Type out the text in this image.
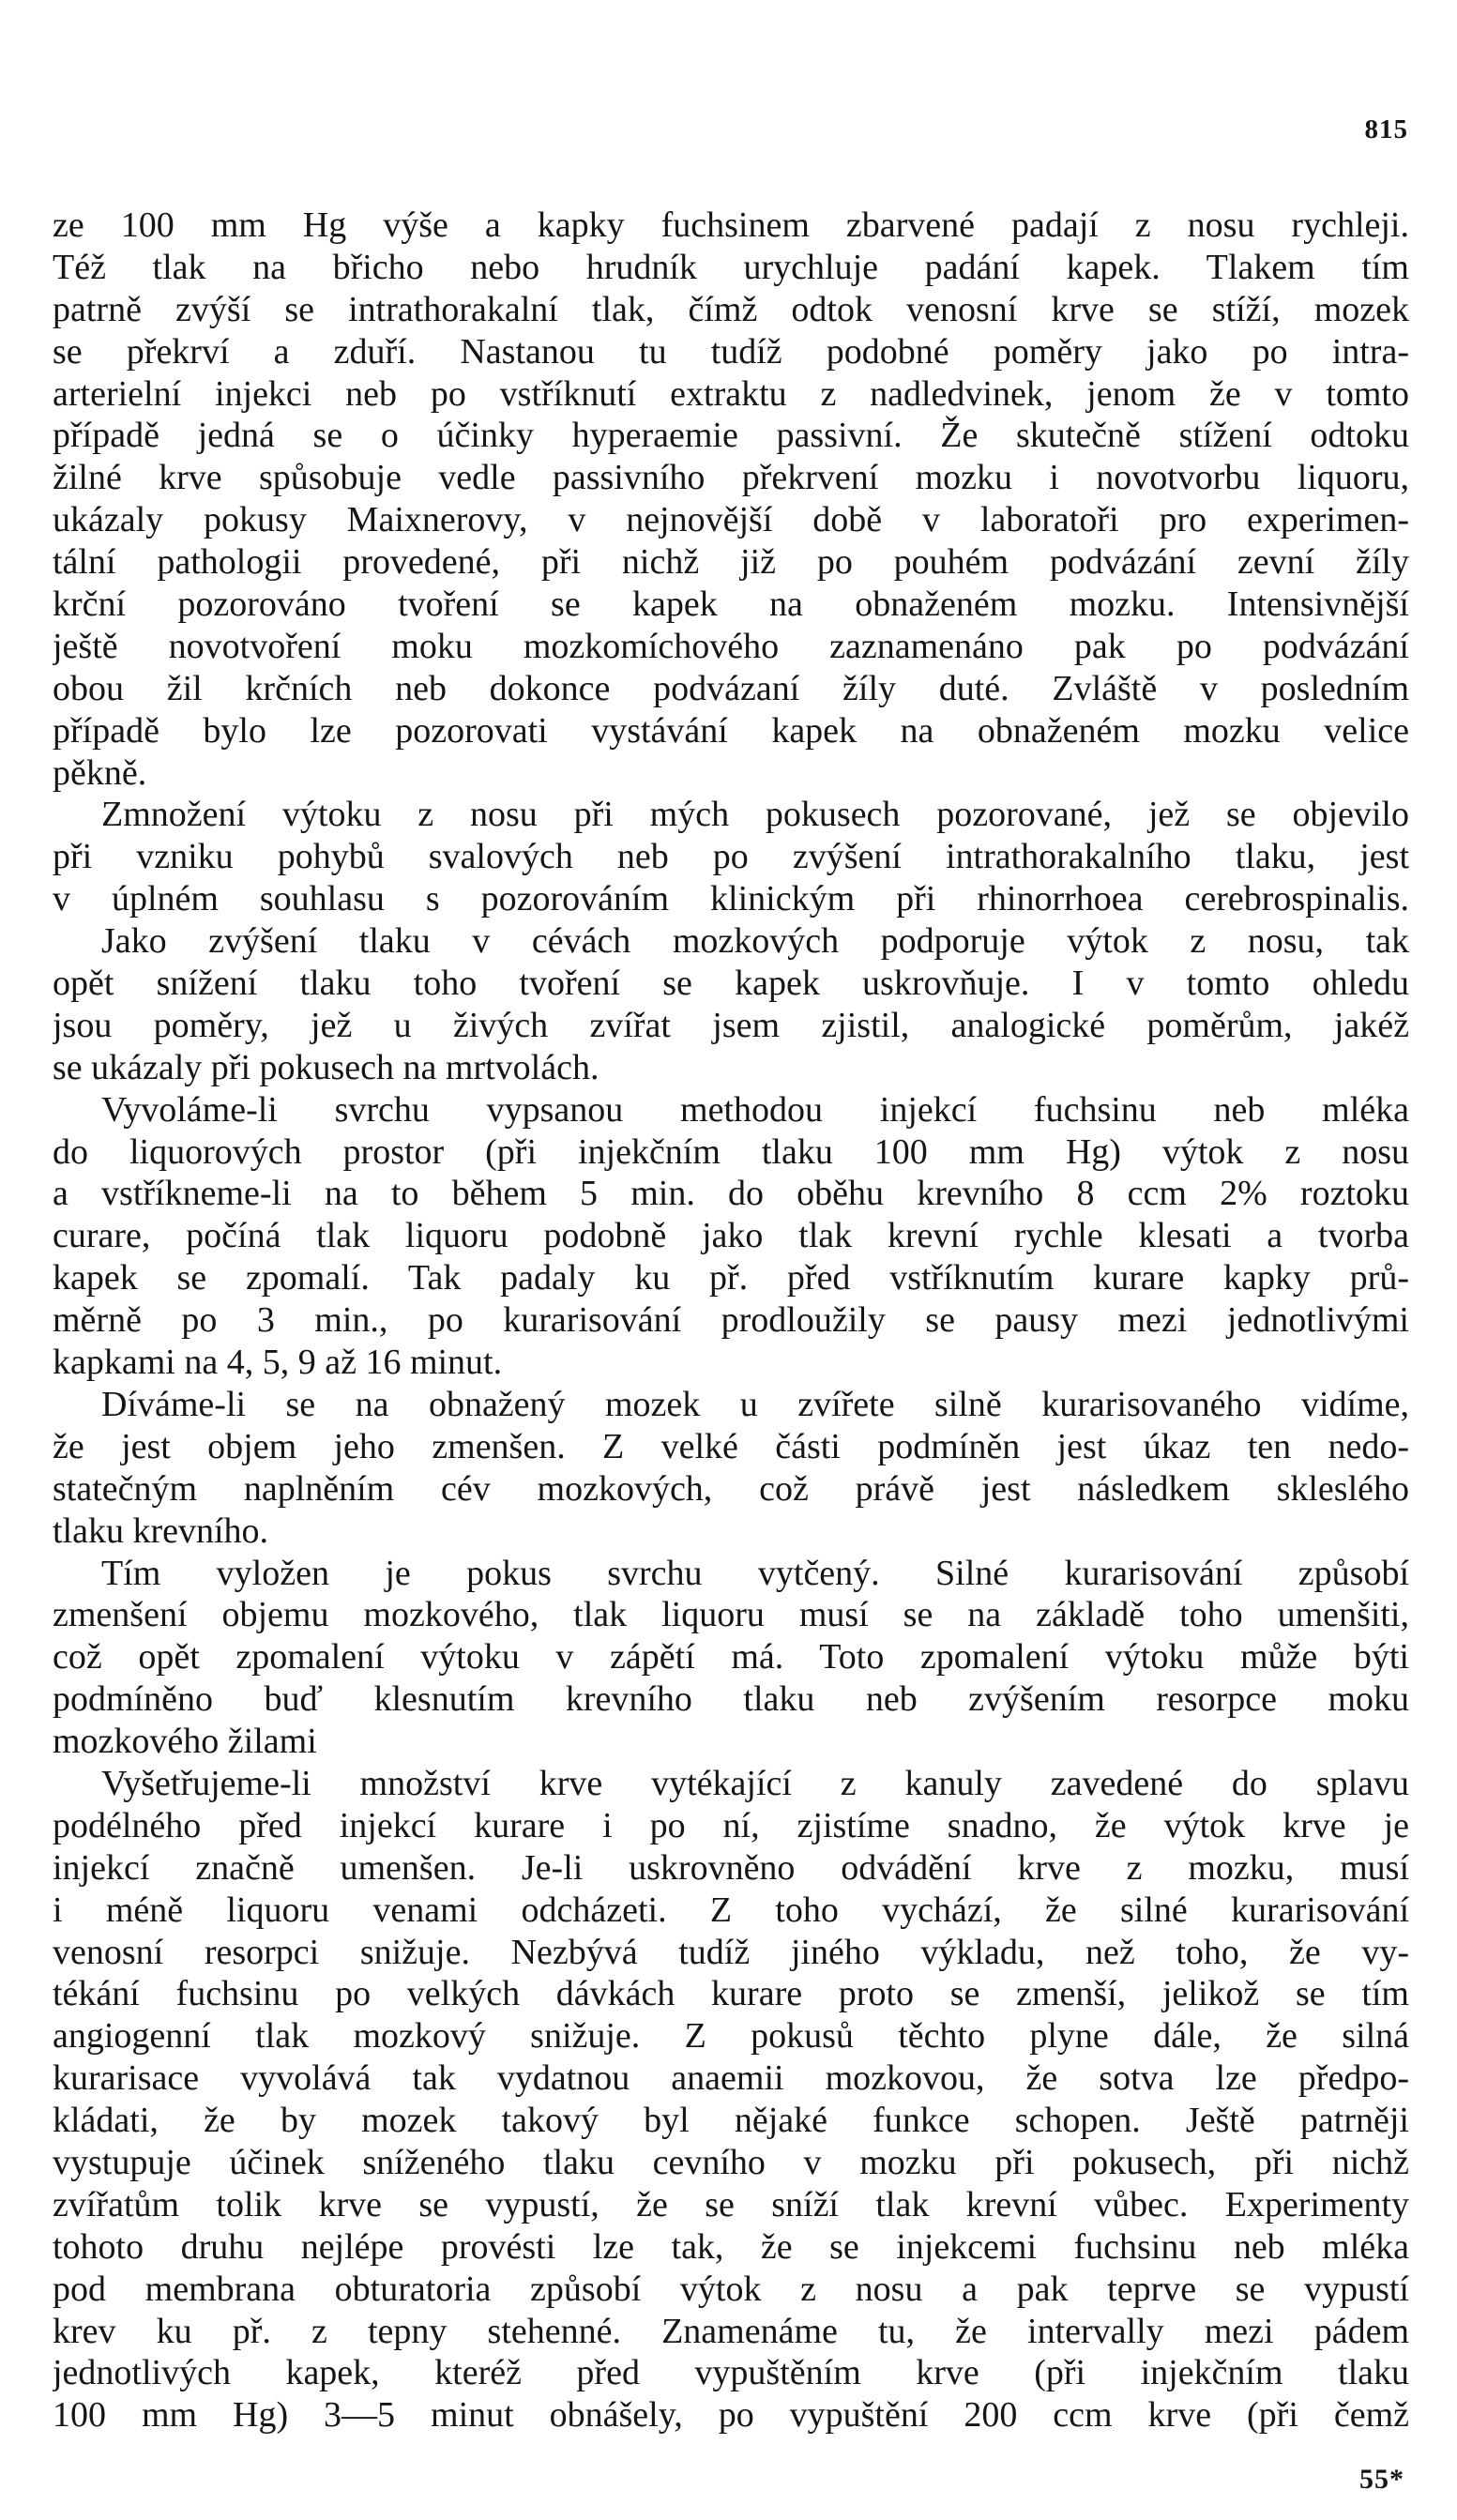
815
ze 100 mm Hg výše a kapky fuchsinem zbarvené padají z nosu rychleji.
Též tlak na břicho nebo hrudník urychluje padání kapek. Tlakem tím
patrně zvýší se intrathorakalní tlak, čímž odtok venosní krve se stíží, mozek
se překrví a zduří. Nastanou tu tudíž podobné poměry jako po intra-
arterielní injekci neb po vstříknutí extraktu z nadledvinek, jenom že v tomto
případě jedná se o účinky hyperaemie passivní. Že skutečně stížení odtoku
žilné krve spůsobuje vedle passivního překrvení mozku i novotvorbu liquoru,
ukázaly pokusy Maixnerovy, v nejnovější době v laboratoři pro experimen-
tální pathologii provedené, při nichž již po pouhém podvázání zevní žíly
krční pozorováno tvoření se kapek na obnaženém mozku. Intensivnější
ještě novotvoření moku mozkomíchového zaznamenáno pak po podvázání
obou žil krčních neb dokonce podvázaní žíly duté. Zvláště v posledním
případě bylo lze pozorovati vystávání kapek na obnaženém mozku velice
pěkně.
Zmnožení výtoku z nosu při mých pokusech pozorované, jež se objevilo
při vzniku pohybů svalových neb po zvýšení intrathorakalního tlaku, jest
v úplném souhlasu s pozorováním klinickým při rhinorrhoea cerebrospinalis.
Jako zvýšení tlaku v cévách mozkových podporuje výtok z nosu, tak
opět snížení tlaku toho tvoření se kapek uskrovňuje. I v tomto ohledu
jsou poměry, jež u živých zvířat jsem zjistil, analogické poměrům, jakéž
se ukázaly při pokusech na mrtvolách.
Vyvoláme-li svrchu vypsanou methodou injekcí fuchsinu neb mléka
do liquorových prostor (při injekčním tlaku 100 mm Hg) výtok z nosu
a vstříkneme-li na to během 5 min. do oběhu krevního 8 ccm 2% roztoku
curare, počíná tlak liquoru podobně jako tlak krevní rychle klesati a tvorba
kapek se zpomalí. Tak padaly ku př. před vstříknutím kurare kapky prů-
měrně po 3 min., po kurarisování prodloužily se pausy mezi jednotlivými
kapkami na 4, 5, 9 až 16 minut.
Díváme-li se na obnažený mozek u zvířete silně kurarisovaného vidíme,
že jest objem jeho zmenšen. Z velké části podmíněn jest úkaz ten nedo-
statečným naplněním cév mozkových, což právě jest následkem skleslého
tlaku krevního.
Tím vyložen je pokus svrchu vytčený. Silné kurarisování způsobí
zmenšení objemu mozkového, tlak liquoru musí se na základě toho umenšiti,
což opět zpomalení výtoku v zápětí má. Toto zpomalení výtoku může býti
podmíněno buď klesnutím krevního tlaku neb zvýšením resorpce moku
mozkového žilami
Vyšetřujeme-li množství krve vytékající z kanuly zavedené do splavu
podélného před injekcí kurare i po ní, zjistíme snadno, že výtok krve je
injekcí značně umenšen. Je-li uskrovněno odvádění krve z mozku, musí
i méně liquoru venami odcházeti. Z toho vychází, že silné kurarisování
venosní resorpci snižuje. Nezbývá tudíž jiného výkladu, než toho, že vy-
tékání fuchsinu po velkých dávkách kurare proto se zmenší, jelikož se tím
angiogenní tlak mozkový snižuje. Z pokusů těchto plyne dále, že silná
kurarisace vyvolává tak vydatnou anaemii mozkovou, že sotva lze předpo-
kládati, že by mozek takový byl nějaké funkce schopen. Ještě patrněji
vystupuje účinek sníženého tlaku cevního v mozku při pokusech, při nichž
zvířatům tolik krve se vypustí, že se sníží tlak krevní vůbec. Experimenty
tohoto druhu nejlépe provésti lze tak, že se injekcemi fuchsinu neb mléka
pod membrana obturatoria způsobí výtok z nosu a pak teprve se vypustí
krev ku př. z tepny stehenné. Znamenáme tu, že intervally mezi pádem
jednotlivých kapek, kteréž před vypuštěním krve (při injekčním tlaku
100 mm Hg) 3—5 minut obnášely, po vypuštění 200 ccm krve (při čemž
55*
